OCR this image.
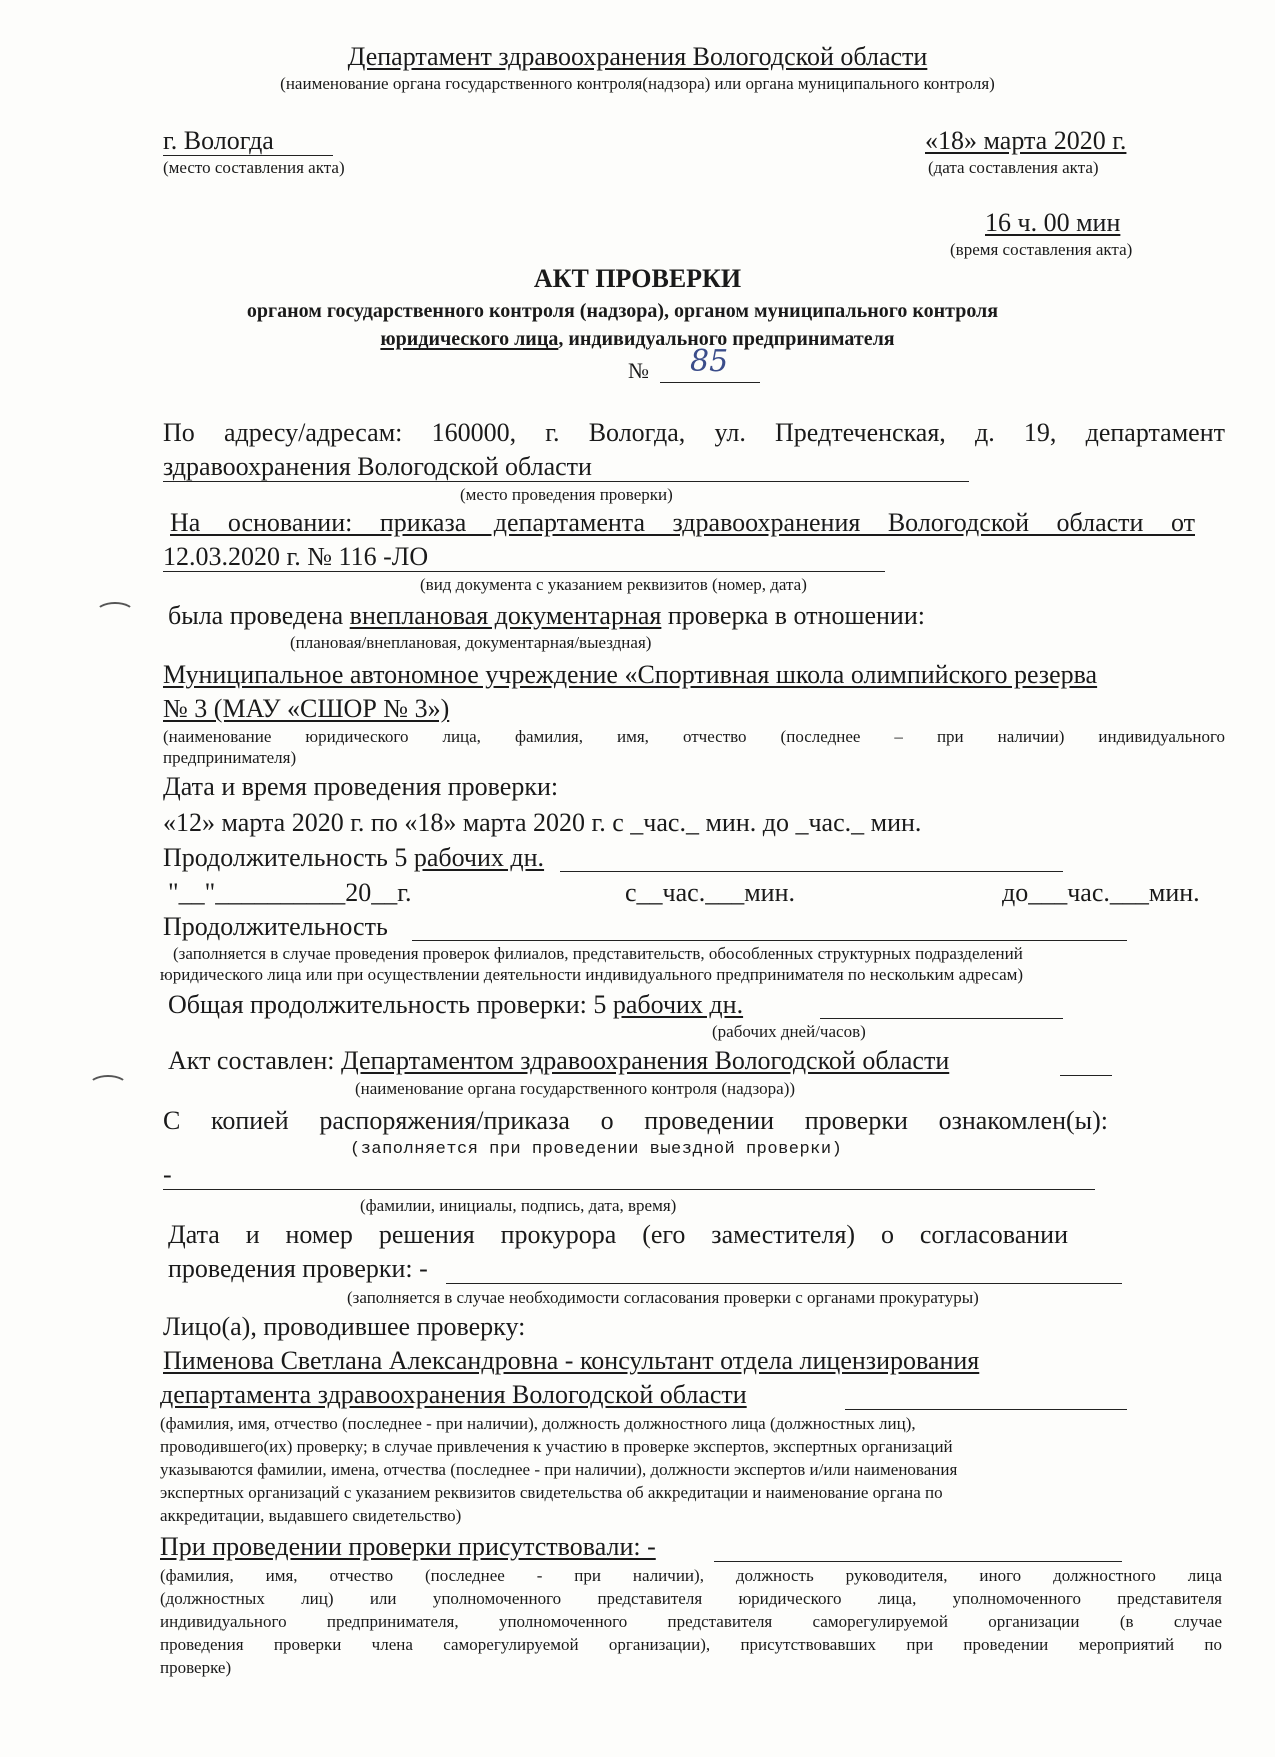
Департамент здравоохранения Вологодской области
(наименование органа государственного контроля(надзора) или органа муниципального контроля)
г. Вологда
(место составления акта)
«18» марта 2020 г.
(дата составления акта)
16 ч. 00 мин
(время составления акта)
АКТ ПРОВЕРКИ
органом государственного контроля (надзора), органом муниципального контроля
юридического лица, индивидуального предпринимателя
№ 85
По адресу/адресам: 160000, г. Вологда, ул. Предтеченская, д. 19, департамент
здравоохранения Вологодской области
(место проведения проверки)
На основании: приказа департамента здравоохранения Вологодской области от
12.03.2020 г. № 116 -ЛО
(вид документа с указанием реквизитов (номер, дата)
была проведена внеплановая документарная проверка в отношении:
(плановая/внеплановая, документарная/выездная)
Муниципальное автономное учреждение «Спортивная школа олимпийского резерва
№ 3 (МАУ «СШОР № 3»)
(наименование юридического лица, фамилия, имя, отчество (последнее – при наличии) индивидуального
предпринимателя)
Дата и время проведения проверки:
«12» марта 2020 г. по «18» марта 2020 г. с _час._ мин. до _час._ мин.
Продолжительность 5 рабочих дн.
"__"__________20__г.	с__час.___мин.	до___час.___мин.
Продолжительность
(заполняется в случае проведения проверок филиалов, представительств, обособленных структурных подразделений
юридического лица или при осуществлении деятельности индивидуального предпринимателя по нескольким адресам)
Общая продолжительность проверки: 5 рабочих дн.
(рабочих дней/часов)
Акт составлен: Департаментом здравоохранения Вологодской области
(наименование органа государственного контроля (надзора))
С копией распоряжения/приказа о проведении проверки ознакомлен(ы):
(заполняется при проведении выездной проверки)
-
(фамилии, инициалы, подпись, дата, время)
Дата и номер решения прокурора (его заместителя) о согласовании
проведения проверки: -
(заполняется в случае необходимости согласования проверки с органами прокуратуры)
Лицо(а), проводившее проверку:
Пименова Светлана Александровна - консультант отдела лицензирования
департамента здравоохранения Вологодской области
(фамилия, имя, отчество (последнее - при наличии), должность должностного лица (должностных лиц),
проводившего(их) проверку; в случае привлечения к участию в проверке экспертов, экспертных организаций
указываются фамилии, имена, отчества (последнее - при наличии), должности экспертов и/или наименования
экспертных организаций с указанием реквизитов свидетельства об аккредитации и наименование органа по
аккредитации, выдавшего свидетельство)
При проведении проверки присутствовали: -
(фамилия, имя, отчество (последнее - при наличии), должность руководителя, иного должностного лица
(должностных лиц) или уполномоченного представителя юридического лица, уполномоченного представителя
индивидуального предпринимателя, уполномоченного представителя саморегулируемой организации (в случае
проведения проверки члена саморегулируемой организации), присутствовавших при проведении мероприятий по
проверке)
